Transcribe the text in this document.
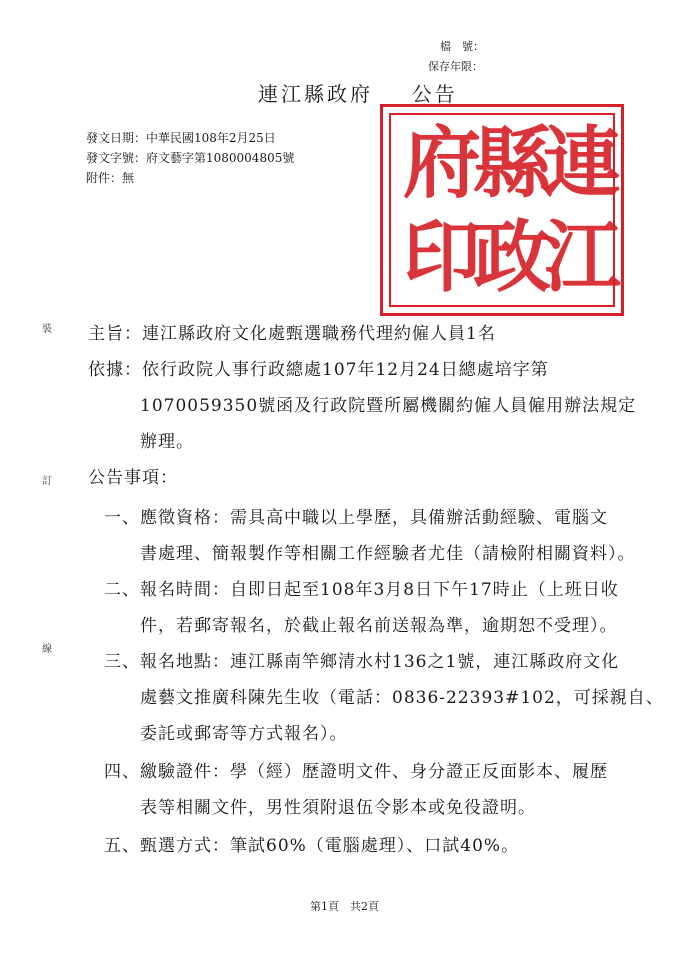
檔　號：
保存年限：
連江縣政府 公告
連
縣
府
江
政
印
發文日期：中華民國108年2月25日
發文字號：府文藝字第1080004805號
附件：無
裝
訂
線
主旨：連江縣政府文化處甄選職務代理約僱人員1名
依據：依行政院人事行政總處107年12月24日總處培字第
1070059350號函及行政院暨所屬機關約僱人員僱用辦法規定
辦理。
公告事項：
一、應徵資格：需具高中職以上學歷，具備辦活動經驗、電腦文
書處理、簡報製作等相關工作經驗者尤佳（請檢附相關資料）。
二、報名時間：自即日起至108年3月8日下午17時止（上班日收
件，若郵寄報名，於截止報名前送報為準，逾期恕不受理）。
三、報名地點：連江縣南竿鄉清水村136之1號，連江縣政府文化
處藝文推廣科陳先生收（電話：0836-22393#102，可採親自、
委託或郵寄等方式報名）。
四、繳驗證件：學（經）歷證明文件、身分證正反面影本、履歷
表等相關文件，男性須附退伍令影本或免役證明。
五、甄選方式：筆試60%（電腦處理）、口試40%。
第1頁　共2頁
